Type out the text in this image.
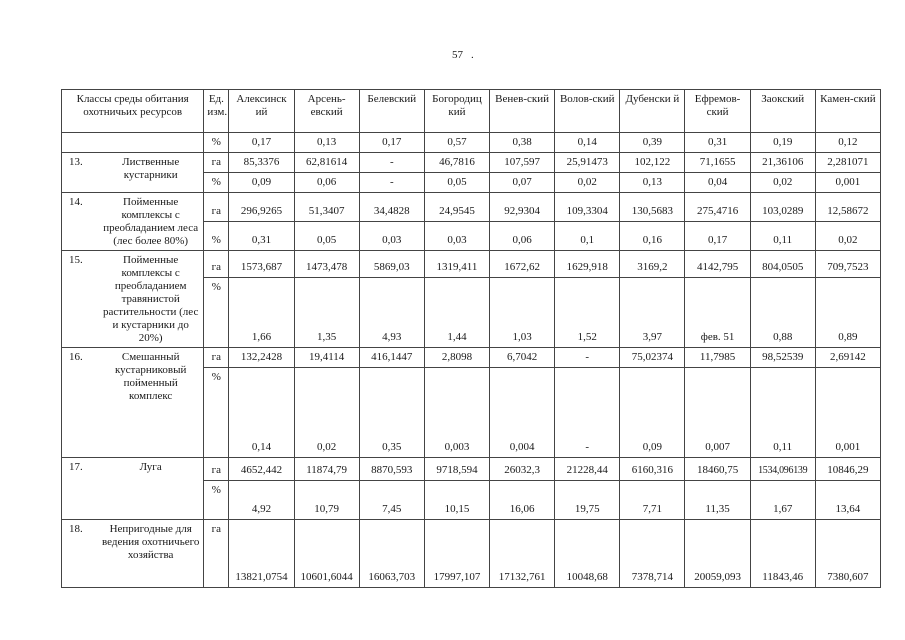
57 .
Классы среды обитания охотничьих ресурсов	Ед. изм.	Алексинск ий	Арсень-евский	Белевский	Богородиц кий	Венев-ский	Волов-ский	Дубенски й	Ефремов-ский	Заокский	Камен-ский
	%	0,17	0,13	0,17	0,57	0,38	0,14	0,39	0,31	0,19	0,12

13. Лиственные кустарники	га	85,3376	62,81614	-	46,7816	107,597	25,91473	102,122	71,1655	21,36106	2,281071
	%	0,09	0,06	-	0,05	0,07	0,02	0,13	0,04	0,02	0,001

14. Пойменные комплексы с преобладанием леса (лес более 80%)	га	296,9265	51,3407	34,4828	24,9545	92,9304	109,3304	130,5683	275,4716	103,0289	12,58672
	%	0,31	0,05	0,03	0,03	0,06	0,1	0,16	0,17	0,11	0,02

15. Пойменные комплексы с преобладанием травянистой растительности (лес и кустарники до 20%)	га	1573,687	1473,478	5869,03	1319,411	1672,62	1629,918	3169,2	4142,795	804,0505	709,7523
	%	1,66	1,35	4,93	1,44	1,03	1,52	3,97	фев. 51	0,88	0,89

16. Смешанный кустарниковый пойменный комплекс	га	132,2428	19,4114	416,1447	2,8098	6,7042	-	75,02374	11,7985	98,52539	2,69142
	%	0,14	0,02	0,35	0,003	0,004	-	0,09	0,007	0,11	0,001

17. Луга	га	4652,442	11874,79	8870,593	9718,594	26032,3	21228,44	6160,316	18460,75	1534,096139	10846,29
	%	4,92	10,79	7,45	10,15	16,06	19,75	7,71	11,35	1,67	13,64

18. Непригодные для ведения охотничьего хозяйства	га	13821,0754	10601,6044	16063,703	17997,107	17132,761	10048,68	7378,714	20059,093	11843,46	7380,607
